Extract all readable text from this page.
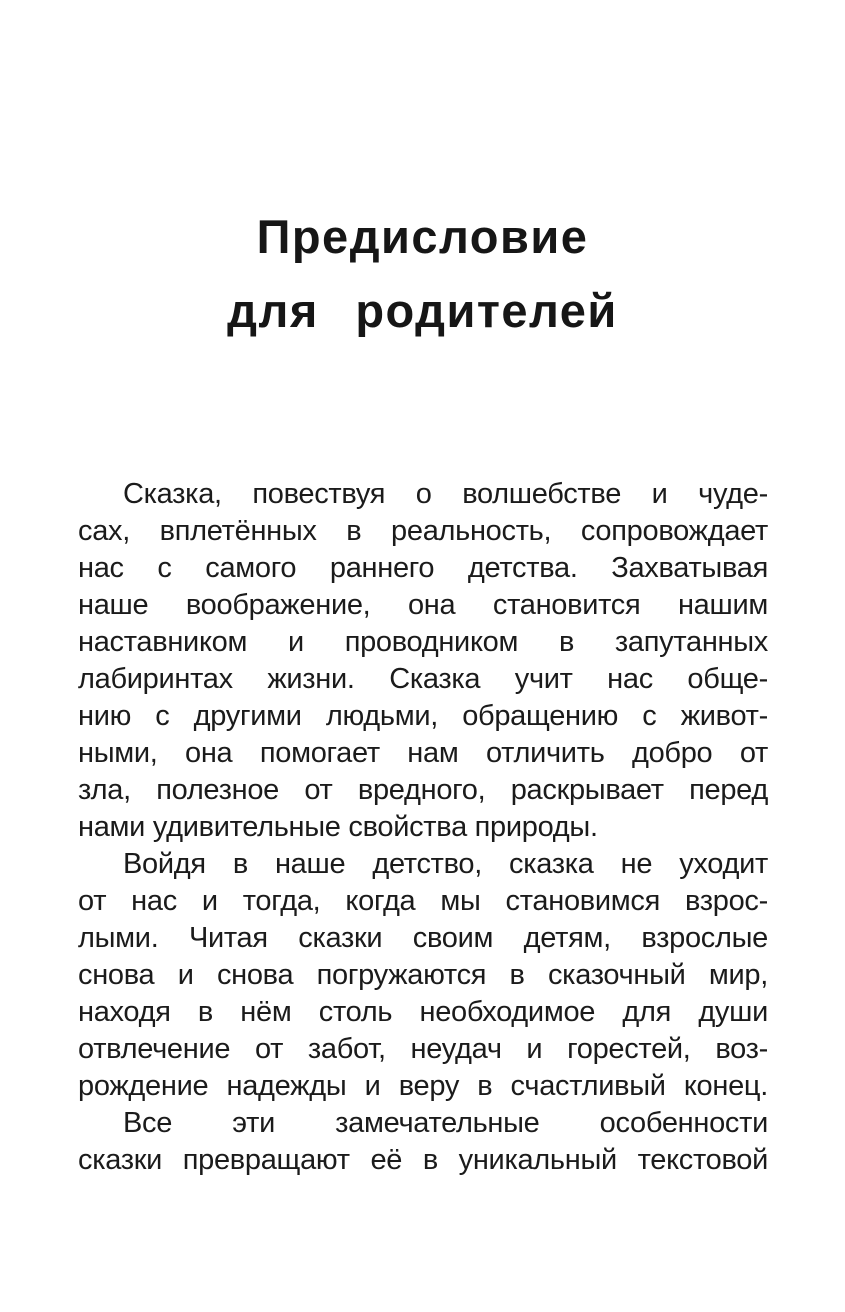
Предисловие
для родителей
Сказка, повествуя о волшебстве и чуде-
сах, вплетённых в реальность, сопровождает
нас с самого раннего детства. Захватывая
наше воображение, она становится нашим
наставником и проводником в запутанных
лабиринтах жизни. Сказка учит нас обще-
нию с другими людьми, обращению с живот-
ными, она помогает нам отличить добро от
зла, полезное от вредного, раскрывает перед
нами удивительные свойства природы.
Войдя в наше детство, сказка не уходит
от нас и тогда, когда мы становимся взрос-
лыми. Читая сказки своим детям, взрослые
снова и снова погружаются в сказочный мир,
находя в нём столь необходимое для души
отвлечение от забот, неудач и горестей, воз-
рождение надежды и веру в счастливый конец.
Все эти замечательные особенности
сказки превращают её в уникальный текстовой
